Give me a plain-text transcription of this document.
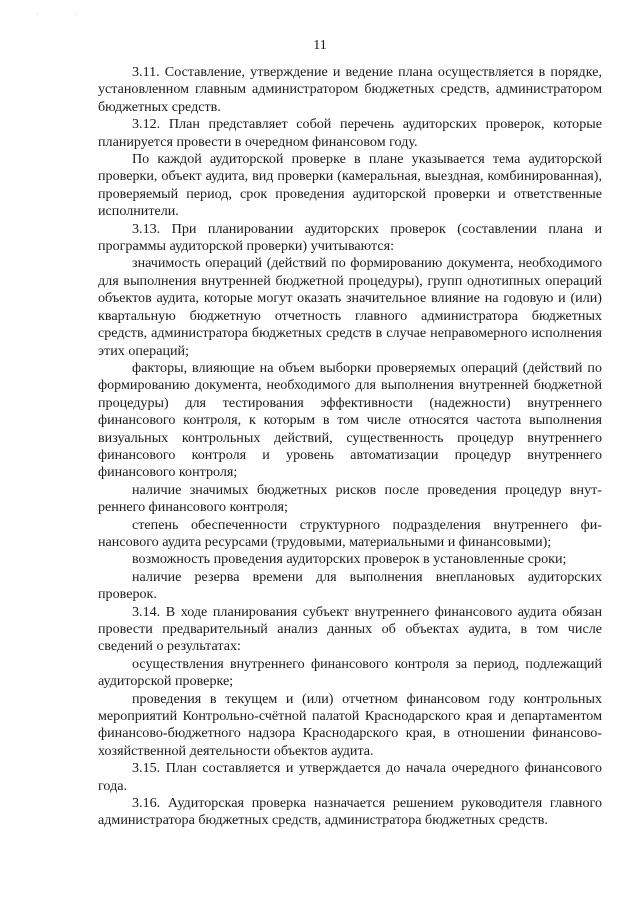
· ·
11

3.11. Составление, утверждение и ведение плана осуществляется в порядке, установленном главным администратором бюджетных средств, администратором бюджетных средств.

3.12. План представляет собой перечень аудиторских проверок, которые планируется провести в очередном финансовом году.

По каждой аудиторской проверке в плане указывается тема аудиторской проверки, объект аудита, вид проверки (камеральная, выездная, комбинированная), проверяемый период, срок проведения аудиторской проверки и ответственные исполнители.

3.13. При планировании аудиторских проверок (составлении плана и программы аудиторской проверки) учитываются:

значимость операций (действий по формированию документа, необходимого для выполнения внутренней бюджетной процедуры), групп однотипных операций объектов аудита, которые могут оказать значительное влияние на годовую и (или) квартальную бюджетную отчетность главного администратора бюджетных средств, администратора бюджетных средств в случае неправомерного исполнения этих операций;

факторы, влияющие на объем выборки проверяемых операций (действий по формированию документа, необходимого для выполнения внутренней бюджетной процедуры) для тестирования эффективности (надежности) внутреннего финансового контроля, к которым в том числе относятся частота выполнения визуальных контрольных действий, существенность процедур внутреннего финансового контроля и уровень автоматизации процедур внутреннего финансового контроля;

наличие значимых бюджетных рисков после проведения процедур внутреннего финансового контроля;

степень обеспеченности структурного подразделения внутреннего финансового аудита ресурсами (трудовыми, материальными и финансовыми);

возможность проведения аудиторских проверок в установленные сроки;

наличие резерва времени для выполнения внеплановых аудиторских проверок.

3.14. В ходе планирования субъект внутреннего финансового аудита обязан провести предварительный анализ данных об объектах аудита, в том числе сведений о результатах:

осуществления внутреннего финансового контроля за период, подлежащий аудиторской проверке;

проведения в текущем и (или) отчетном финансовом году контрольных мероприятий Контрольно-счётной палатой Краснодарского края и департаментом финансово-бюджетного надзора Краснодарского края, в отношении финансово-хозяйственной деятельности объектов аудита.

3.15. План составляется и утверждается до начала очередного финансового года.

3.16. Аудиторская проверка назначается решением руководителя главного администратора бюджетных средств, администратора бюджетных средств.
